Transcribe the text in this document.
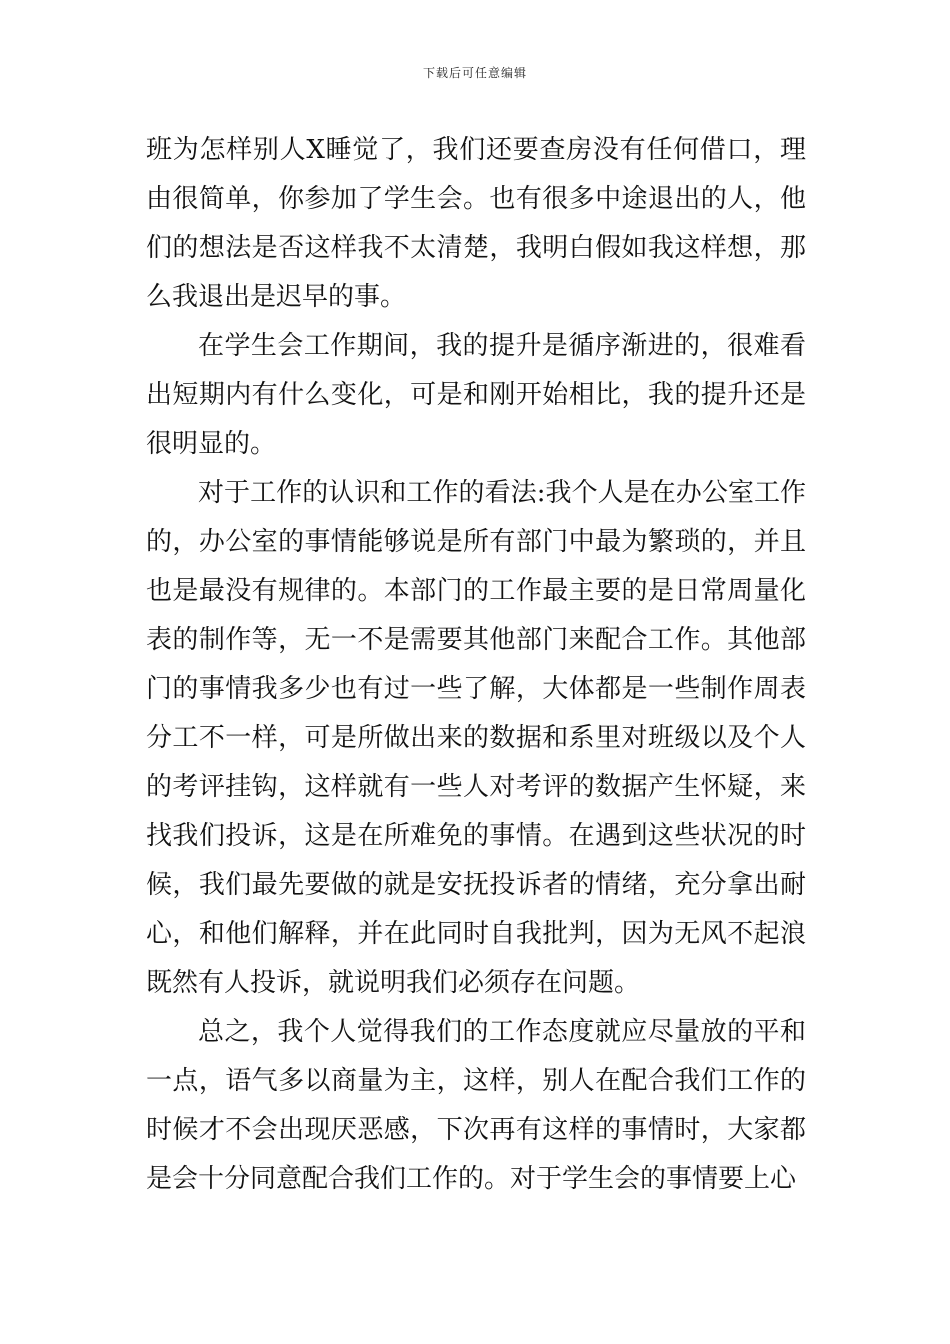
下载后可任意编辑

班为怎样别人Ⅹ睡觉了，我们还要查房没有任何借口，理由很简单，你参加了学生会。也有很多中途退出的人，他们的想法是否这样我不太清楚，我明白假如我这样想，那么我退出是迟早的事。

在学生会工作期间，我的提升是循序渐进的，很难看出短期内有什么变化，可是和刚开始相比，我的提升还是很明显的。

对于工作的认识和工作的看法:我个人是在办公室工作的，办公室的事情能够说是所有部门中最为繁琐的，并且也是最没有规律的。本部门的工作最主要的是日常周量化表的制作等，无一不是需要其他部门来配合工作。其他部门的事情我多少也有过一些了解，大体都是一些制作周表分工不一样，可是所做出来的数据和系里对班级以及个人的考评挂钩，这样就有一些人对考评的数据产生怀疑，来找我们投诉，这是在所难免的事情。在遇到这些状况的时候，我们最先要做的就是安抚投诉者的情绪，充分拿出耐心，和他们解释，并在此同时自我批判，因为无风不起浪既然有人投诉，就说明我们必须存在问题。

总之，我个人觉得我们的工作态度就应尽量放的平和一点，语气多以商量为主，这样，别人在配合我们工作的时候才不会出现厌恶感，下次再有这样的事情时，大家都是会十分同意配合我们工作的。对于学生会的事情要上心
